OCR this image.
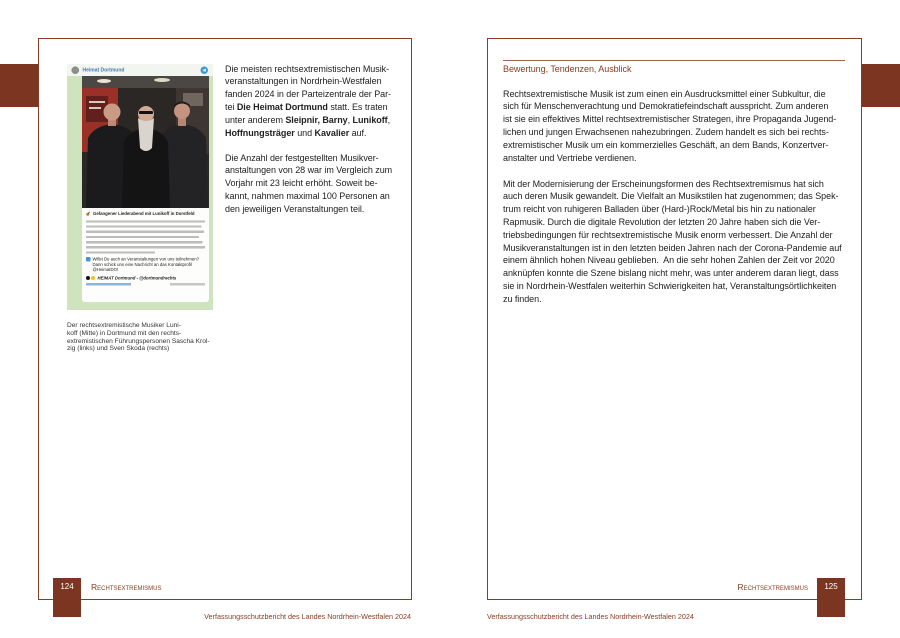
Heimat Dortmund
Gefangener Liederabend mit Lunikoff in Dorstfeld
Willst Du auch an Veranstaltungen von uns teilnehmen? Dann schick uns eine Nachricht an das Kontaktprofil @HeimatDO!
HEIMAT Dortmund - @dortmundrechts
Der rechtsextremistische Musiker Luni-
koff (Mitte) in Dortmund mit den rechts-
extremistischen Führungspersonen Sascha Krol-
zig (links) und Sven Skoda (rechts)
Die meisten rechtsextremistischen Musik-
veranstaltungen in Nordrhein-Westfalen
fanden 2024 in der Parteizentrale der Par-
tei Die Heimat Dortmund statt. Es traten
unter anderem Sleipnir, Barny, Lunikoff,
Hoffnungsträger und Kavalier auf.
Die Anzahl der festgestellten Musikver-
anstaltungen von 28 war im Vergleich zum
Vorjahr mit 23 leicht erhöht. Soweit be-
kannt, nahmen maximal 100 Personen an
den jeweiligen Veranstaltungen teil.
124	Rechtsextremismus
Verfassungsschutzbericht des Landes Nordrhein-Westfalen 2024
Bewertung, Tendenzen, Ausblick
Rechtsextremistische Musik ist zum einen ein Ausdrucksmittel einer Subkultur, die
sich für Menschenverachtung und Demokratiefeindschaft ausspricht. Zum anderen
ist sie ein effektives Mittel rechtsextremistischer Strategen, ihre Propaganda Jugend-
lichen und jungen Erwachsenen nahezubringen. Zudem handelt es sich bei rechts-
extremistischer Musik um ein kommerzielles Geschäft, an dem Bands, Konzertver-
anstalter und Vertriebe verdienen.
Mit der Modernisierung der Erscheinungsformen des Rechtsextremismus hat sich
auch deren Musik gewandelt. Die Vielfalt an Musikstilen hat zugenommen; das Spek-
trum reicht von ruhigeren Balladen über (Hard-)Rock/Metal bis hin zu nationaler
Rapmusik. Durch die digitale Revolution der letzten 20 Jahre haben sich die Ver-
triebsbedingungen für rechtsextremistische Musik enorm verbessert. Die Anzahl der
Musikveranstaltungen ist in den letzten beiden Jahren nach der Corona-Pandemie auf
einem ähnlich hohen Niveau geblieben.  An die sehr hohen Zahlen der Zeit vor 2020
anknüpfen konnte die Szene bislang nicht mehr, was unter anderem daran liegt, dass
sie in Nordrhein-Westfalen weiterhin Schwierigkeiten hat, Veranstaltungsörtlichkeiten
zu finden.
Rechtsextremismus	125
Verfassungsschutzbericht des Landes Nordrhein-Westfalen 2024
